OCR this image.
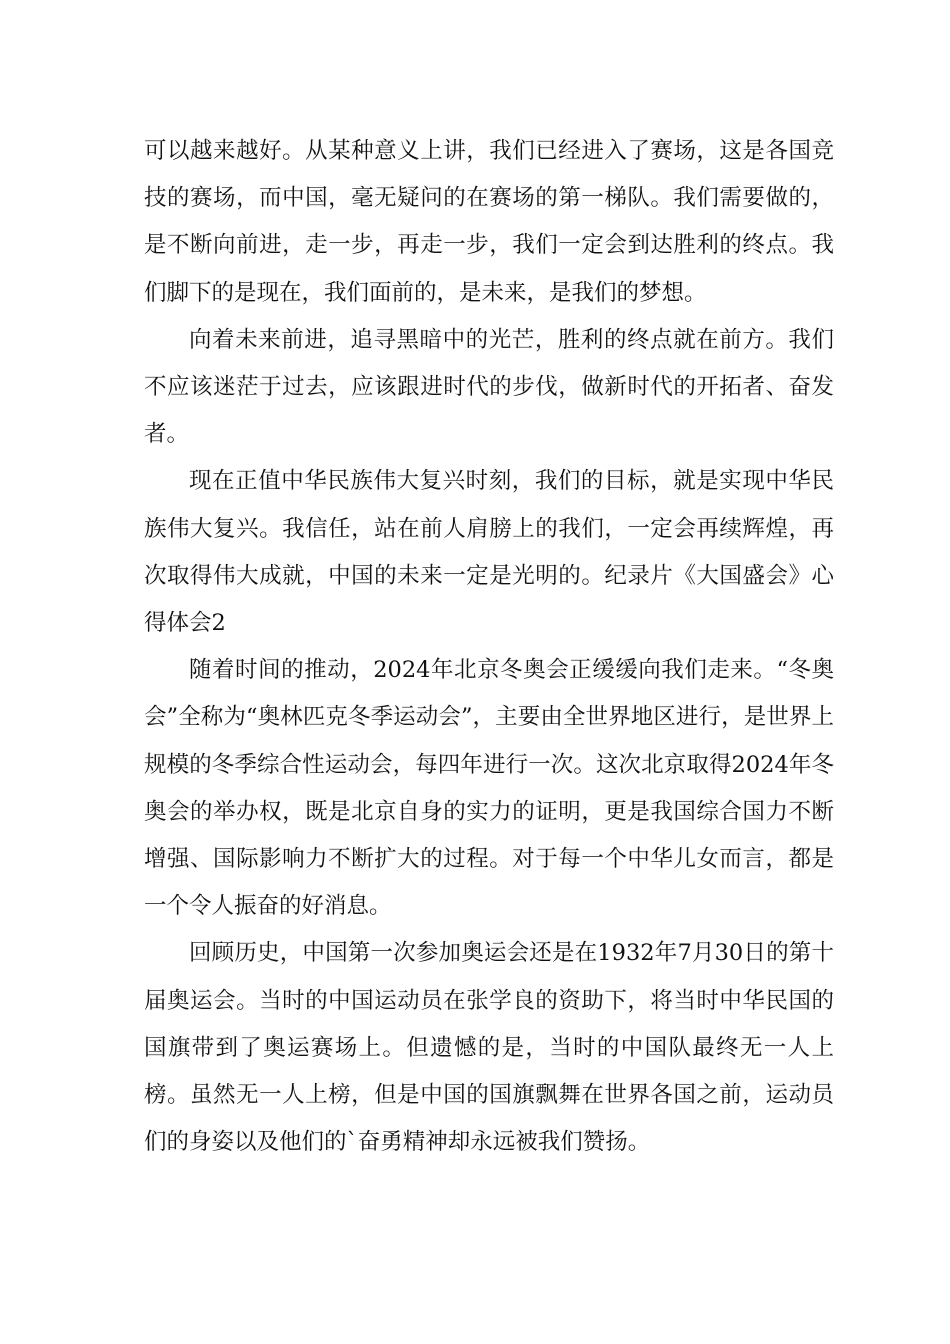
可以越来越好。从某种意义上讲，我们已经进入了赛场，这是各国竞技的赛场，而中国，毫无疑问的在赛场的第一梯队。我们需要做的，是不断向前进，走一步，再走一步，我们一定会到达胜利的终点。我们脚下的是现在，我们面前的，是未来，是我们的梦想。

向着未来前进，追寻黑暗中的光芒，胜利的终点就在前方。我们不应该迷茫于过去，应该跟进时代的步伐，做新时代的开拓者、奋发者。

现在正值中华民族伟大复兴时刻，我们的目标，就是实现中华民族伟大复兴。我信任，站在前人肩膀上的我们，一定会再续辉煌，再次取得伟大成就，中国的未来一定是光明的。纪录片《大国盛会》心得体会2

随着时间的推动，2024年北京冬奥会正缓缓向我们走来。“冬奥会”全称为“奥林匹克冬季运动会”，主要由全世界地区进行，是世界上规模的冬季综合性运动会，每四年进行一次。这次北京取得2024年冬奥会的举办权，既是北京自身的实力的证明，更是我国综合国力不断增强、国际影响力不断扩大的过程。对于每一个中华儿女而言，都是一个令人振奋的好消息。

回顾历史，中国第一次参加奥运会还是在1932年7月30日的第十届奥运会。当时的中国运动员在张学良的资助下，将当时中华民国的国旗带到了奥运赛场上。但遗憾的是，当时的中国队最终无一人上榜。虽然无一人上榜，但是中国的国旗飘舞在世界各国之前，运动员们的身姿以及他们的`奋勇精神却永远被我们赞扬。
